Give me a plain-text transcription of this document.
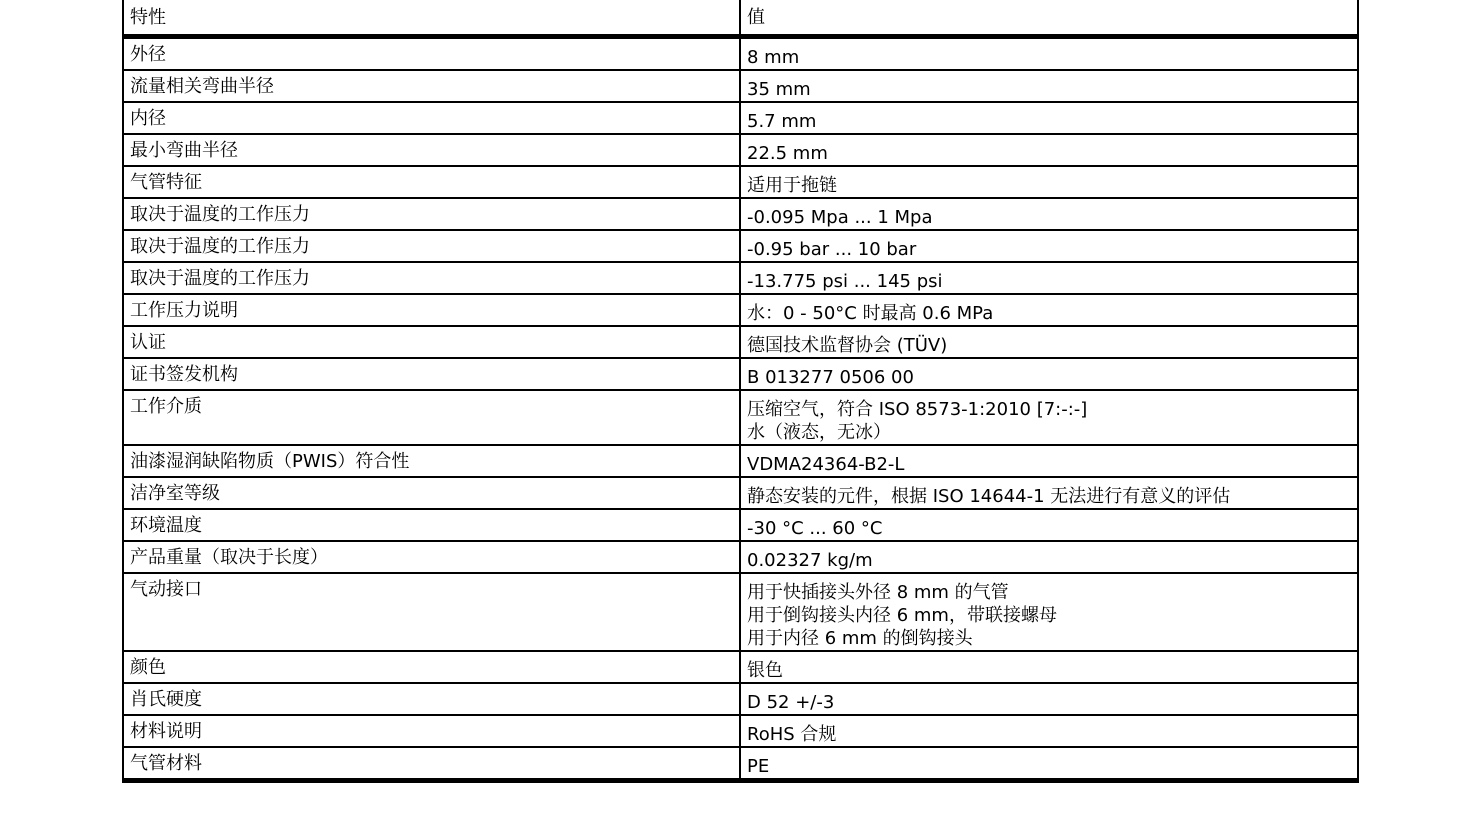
特性	值
外径	8 mm

流量相关弯曲半径	35 mm

内径	5.7 mm

最小弯曲半径	22.5 mm

气管特征	适用于拖链

取决于温度的工作压力	-0.095 Mpa ... 1 Mpa

取决于温度的工作压力	-0.95 bar ... 10 bar

取决于温度的工作压力	-13.775 psi ... 145 psi

工作压力说明	水：0 - 50°C 时最高 0.6 MPa

认证	德国技术监督协会 (TÜV)

证书签发机构	B 013277 0506 00

工作介质	压缩空气，符合 ISO 8573-1:2010 [7:-:-]
水（液态，无冰）

油漆湿润缺陷物质（PWIS）符合性	VDMA24364-B2-L

洁净室等级	静态安装的元件，根据 ISO 14644-1 无法进行有意义的评估

环境温度	-30 °C ... 60 °C

产品重量（取决于长度）	0.02327 kg/m

气动接口	用于快插接头外径 8 mm 的气管
用于倒钩接头内径 6 mm，带联接螺母
用于内径 6 mm 的倒钩接头

颜色	银色

肖氏硬度	D 52 +/-3

材料说明	RoHS 合规

气管材料	PE
